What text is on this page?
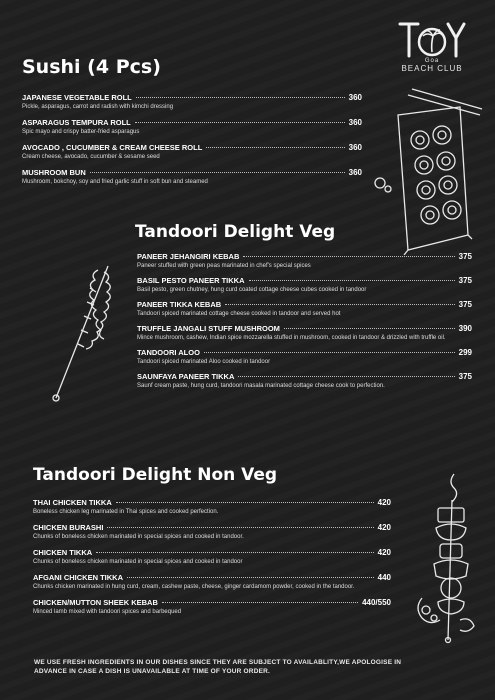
Goa
BEACH CLUB
Sushi (4 Pcs)
JAPANESE VEGETABLE ROLL	360
Pickle, asparagus, carrot and radish with kimchi dressing
ASPARAGUS TEMPURA ROLL	360
Spic mayo and crispy batter-fried asparagus
AVOCADO , CUCUMBER & CREAM CHEESE ROLL	360
Cream cheese, avocado, cucumber & sesame seed
MUSHROOM BUN	360
Mushroom, bokchoy, soy and fried garlic stuff in soft bun and steamed
Tandoori Delight Veg
PANEER JEHANGIRI KEBAB	375
Paneer stuffed with green peas marinated in chef's special spices
BASIL PESTO PANEER TIKKA	375
Basil pesto, green chutney, hung curd coated cottage cheese cubes cooked in tandoor
PANEER TIKKA KEBAB	375
Tandoori spiced marinated cottage cheese cooked in tandoor and served hot
TRUFFLE JANGALI STUFF MUSHROOM	390
Mince mushroom, cashew, Indian spice mozzarella stuffed in mushroom, cooked in tandoor & drizzled with truffle oil.
TANDOORI ALOO	299
Tandoori spiced marinated Aloo cooked in tandoor
SAUNFAYA PANEER TIKKA	375
Saunf cream paste, hung curd, tandoori masala marinated cottage cheese cook to perfection.
Tandoori Delight Non Veg
THAI CHICKEN TIKKA	420
Boneless chicken leg marinated in Thai spices and cooked perfection.
CHICKEN BURASHI	420
Chunks of boneless chicken marinated in special spices and cooked in tandoor.
CHICKEN TIKKA	420
Chunks of boneless chicken marinated in special spices and cooked in tandoor
AFGANI CHICKEN TIKKA	440
Chunks chicken marinated in hung curd, cream, cashew paste, cheese, ginger cardamom powder, cooked in the tandoor.
CHICKEN/MUTTON SHEEK KEBAB	440/550
Minced lamb mixed with tandoori spices and barbequed
WE USE FRESH INGREDIENTS IN OUR DISHES SINCE THEY ARE SUBJECT TO AVAILABLITY,WE APOLOGISE IN ADVANCE IN CASE A DISH IS UNAVAILABLE AT TIME OF YOUR ORDER.
